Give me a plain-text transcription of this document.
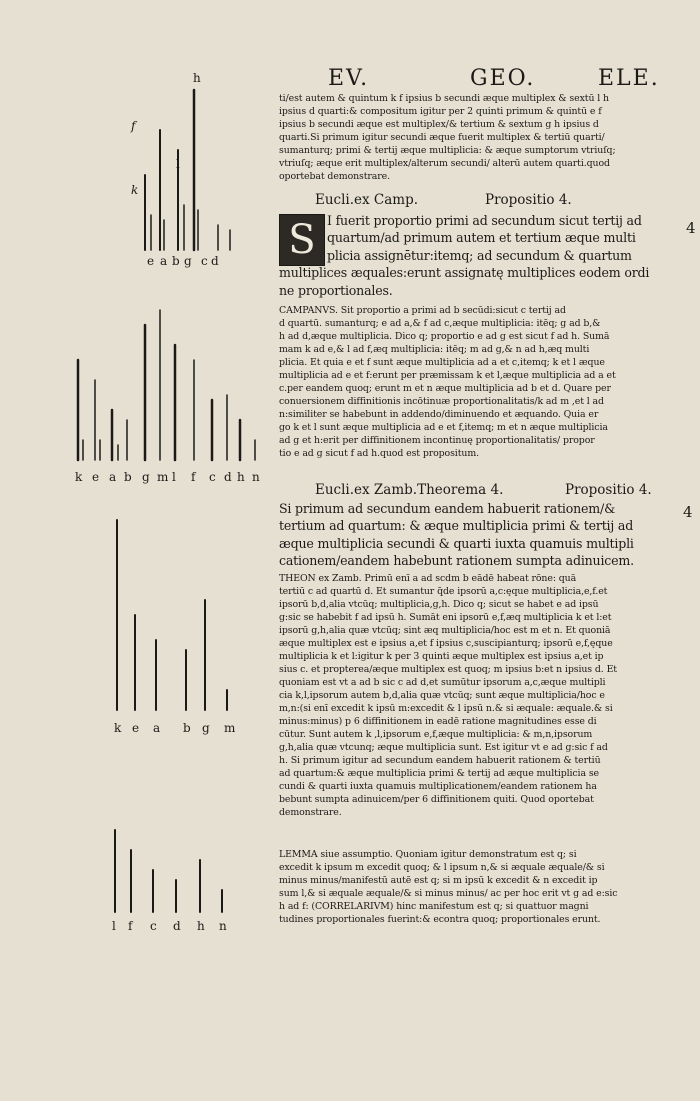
h
f
l
k
e a b g c d
k e a b g m l f c d h n
k e a b g m
l f c d h n
EV.	GEO.	ELE.
4
4
ti/est autem & quintum k f ipsius b secundi æque multiplex & sextū l h
ipsius d quarti:& compositum igitur per 2 quinti primum & quintū e f
ipsius b secundi æque est multiplex/& tertium & sextum g h ipsius d
quarti.Si primum igitur secundi æque fuerit multiplex & tertiū quarti/
sumanturq; primi & tertij æque multiplicia: & æque sumptorum vtriuſq;
vtriuſq; æque erit multiplex/alterum secundi/ alterū autem quarti.quod
oportebat demonstrare.
Eucli.ex Camp.	Propositio 4.
S I fuerit proportio primi ad secundum sicut tertij ad
quartum/ad primum autem et tertium æque multi
plicia assignētur:itemq; ad secundum & quartum
multiplices æquales:erunt assignatę multiplices eodem ordi
ne proportionales.
CAMPANVS. Sit proportio a primi ad b secūdi:sicut c tertij ad
d quartū. sumanturq; e ad a,& f ad c,æque multiplicia: itēq; g ad b,&
h ad d,æque multiplicia. Dico q; proportio e ad g est sicut f ad h. Sumā
mam k ad e,& l ad f,æq multiplicia: itēq; m ad g,& n ad h,æq multi
plicia. Et quia e et f sunt æque multiplicia ad a et c,itemq; k et l æque
multiplicia ad e et f:erunt per præmissam k et l,æque multiplicia ad a et
c.per eandem quoq; erunt m et n æque multiplicia ad b et d. Quare per
conuersionem diffinitionis incōtinuæ proportionalitatis/k ad m ,et l ad
n:similiter se habebunt in addendo/diminuendo et æquando. Quia er
go k et l sunt æque multiplicia ad e et f,itemq; m et n æque multiplicia
ad g et h:erit per diffinitionem incontinuę proportionalitatis/ propor
tio e ad g sicut f ad h.quod est propositum.
Eucli.ex Zamb.Theorema 4.	Propositio 4.
Si primum ad secundum eandem habuerit rationem/&
tertium ad quartum: & æque multiplicia primi & tertij ad
æque multiplicia secundi & quarti iuxta quamuis multipli
cationem/eandem habebunt rationem sumpta adinuicem.
THEON ex Zamb. Primū enī a ad scdm b eādē habeat rōne: quā
tertiū c ad quartū d. Et sumantur q̄de ipsorū a,c:ęque multiplicia,e,f.et
ipsorū b,d,alia vtcūq; multiplicia,g,h. Dico q; sicut se habet e ad ipsū
g:sic se habebit f ad ipsū h. Sumāt eni ipsorū e,f,æq multiplicia k et l:et
ipsorū g,h,alia quæ vtcūq; sint æq multiplicia/hoc est m et n. Et quoniā
æque multiplex est e ipsius a,et f ipsius c,suscipianturq; ipsorū e,f,ęque
multiplicia k et l:igitur k per 3 quinti æque multiplex est ipsius a,et ip
sius c. et propterea/æque multiplex est quoq; m ipsius b:et n ipsius d. Et
quoniam est vt a ad b sic c ad d,et sumūtur ipsorum a,c,æque multipli
cia k,l,ipsorum autem b,d,alia quæ vtcūq; sunt æque multiplicia/hoc e
m,n:(si enī excedit k ipsū m:excedit & l ipsū n.& si æquale: æquale.& si
minus:minus) p 6 diffinitionem in eadē ratione magnitudines esse di
cūtur. Sunt autem k ,l,ipsorum e,f,æque multiplicia: & m,n,ipsorum
g,h,alia quæ vtcunq; æque multiplicia sunt. Est igitur vt e ad g:sic f ad
h. Si primum igitur ad secundum eandem habuerit rationem & tertiū
ad quartum:& æque multiplicia primi & tertij ad æque multiplicia se
cundi & quarti iuxta quamuis multiplicationem/eandem rationem ha
bebunt sumpta adinuicem/per 6 diffinitionem quiti. Quod oportebat
demonstrare.
LEMMA siue assumptio. Quoniam igitur demonstratum est q; si
excedit k ipsum m excedit quoq; & l ipsum n,& si æquale æquale/& si
minus minus/manifestū autē est q; si m ipsū k excedit & n excedit ip
sum l,& si æquale æquale/& si minus minus/ ac per hoc erit vt g ad e:sic
h ad f: (CORRELARIVM) hinc manifestum est q; si quattuor magni
tudines proportionales fuerint:& econtra quoq; proportionales erunt.
